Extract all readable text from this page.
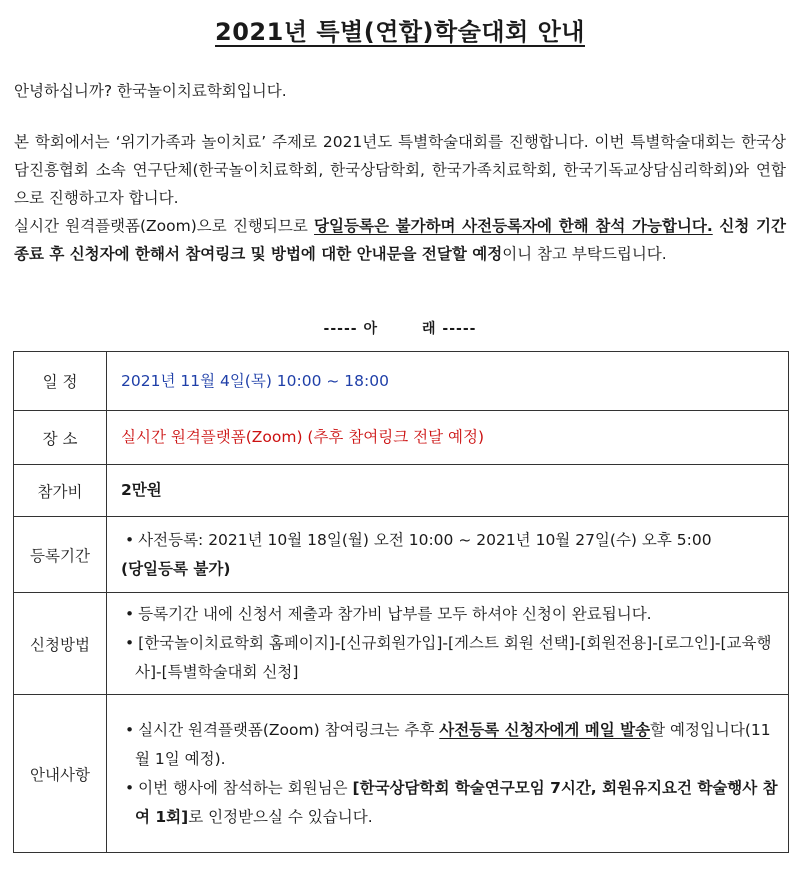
2021년 특별(연합)학술대회 안내
안녕하십니까? 한국놀이치료학회입니다.
본 학회에서는 ‘위기가족과 놀이치료’ 주제로 2021년도 특별학술대회를 진행합니다. 이번 특별학술대회는 한국상담진흥협회 소속 연구단체(한국놀이치료학회, 한국상담학회, 한국가족치료학회, 한국기독교상담심리학회)와 연합으로 진행하고자 합니다.
실시간 원격플랫폼(Zoom)으로 진행되므로 당일등록은 불가하며 사전등록자에 한해 참석 가능합니다. 신청 기간 종료 후 신청자에 한해서 참여링크 및 방법에 대한 안내문을 전달할 예정이니 참고 부탁드립니다.
----- 아	래 -----
일 정	2021년 11월 4일(목) 10:00 ~ 18:00
장 소	실시간 원격플랫폼(Zoom) (추후 참여링크 전달 예정)
참가비	2만원
등록기간	• 사전등록: 2021년 10월 18일(월) 오전 10:00 ~ 2021년 10월 27일(수) 오후 5:00
(당일등록 불가)
신청방법	• 등록기간 내에 신청서 제출과 참가비 납부를 모두 하셔야 신청이 완료됩니다.
• [한국놀이치료학회 홈페이지]-[신규회원가입]-[게스트 회원 선택]-[회원전용]-[로그인]-[교육행사]-[특별학술대회 신청]

안내사항	• 실시간 원격플랫폼(Zoom) 참여링크는 추후 사전등록 신청자에게 메일 발송할 예정입니다(11월 1일 예정).
• 이번 행사에 참석하는 회원님은 [한국상담학회 학술연구모임 7시간, 회원유지요건 학술행사 참여 1회]로 인정받으실 수 있습니다.
